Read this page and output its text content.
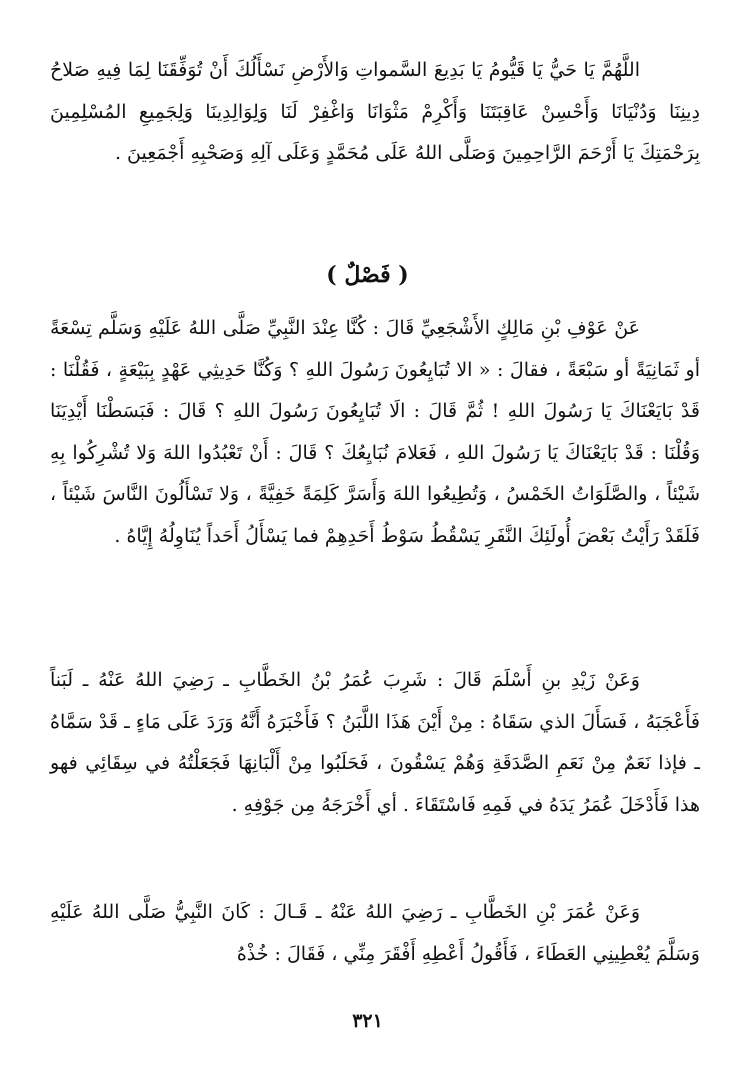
اللَّهُمَّ يَا حَيُّ يَا قَيُّومُ يَا بَدِيعَ السَّمواتِ وَالأَرْضِ نَسْأَلُكَ أَنْ تُوَفِّقَنَا لِمَا فِيهِ صَلاحُ دِينِنَا وَدُنْيَانَا وَأَحْسِنْ عَاقِبَتَنَا وَأَكْرِمْ مَثْوَانَا وَاغْفِرْ لَنَا وَلِوَالِدِينَا وَلِجَمِيعِ المُسْلِمِينَ بِرَحْمَتِكَ يَا أَرْحَمَ الرَّاحِمِينَ وَصَلَّى اللهُ عَلَى مُحَمَّدٍ وَعَلَى آلِهِ وَصَحْبِهِ أَجْمَعِينَ .

( فَصْلٌ )

عَنْ عَوْفِ بْنِ مَالِكٍ الأَشْجَعِيِّ قَالَ : كُنَّا عِنْدَ النَّبِيِّ صَلَّى اللهُ عَلَيْهِ وَسَلَّم تِسْعَةً أو ثَمَانِيَةً أو سَبْعَةً ، فقالَ : « الا تُبَايِعُونَ رَسُولَ اللهِ ؟ وَكُنَّا حَدِيثِي عَهْدٍ بِبَيْعَةٍ ، فَقُلْنَا : قَدْ بَايَعْنَاكَ يَا رَسُولَ اللهِ ! ثُمَّ قَالَ : الَا تُبَايِعُونَ رَسُولَ اللهِ ؟ قَالَ : فَبَسَطْنَا أَيْدِيَنَا وَقُلْنَا : قَدْ بَايَعْنَاكَ يَا رَسُولَ اللهِ ، فَعَلامَ نُبَايِعُكَ ؟ قَالَ : أَنْ تَعْبُدُوا اللهَ وَلا تُشْرِكُوا بِهِ شَيْئاً ، والصَّلَوَاتُ الخَمْسُ ، وَتُطِيعُوا اللهَ وَأَسَرَّ كَلِمَةً خَفِيَّةً ، وَلا تَسْأَلُونَ النَّاسَ شَيْئاً ، فَلَقَدْ رَأَيْتُ بَعْضَ أُولَئِكَ النَّفَرِ يَسْقُطُ سَوْطُ أَحَدِهِمْ فما يَسْأَلُ أَحَداً يُنَاوِلُهُ إِيَّاهُ .

وَعَنْ زَيْدِ بنِ أَسْلَمَ قَالَ : شَرِبَ عُمَرُ بْنُ الخَطَّابِ ـ رَضِيَ اللهُ عَنْهُ ـ لَبَناً فَأَعْجَبَهُ ، فَسَأَلَ الذي سَقَاهُ : مِنْ أَيْنَ هَذَا اللَّبَنُ ؟ فَأَخْبَرَهُ أَنَّهُ وَرَدَ عَلَى مَاءٍ ـ قَدْ سَمَّاهُ ـ فإذا نَعَمٌ مِنْ نَعَمِ الصَّدَقَةِ وَهُمْ يَسْقُونَ ، فَحَلَبُوا مِنْ أَلْبَانِهَا فَجَعَلْتُهُ في سِقَائِي فهو هذا فَأَدْخَلَ عُمَرُ يَدَهُ في فَمِهِ فَاسْتَقَاءَ . أي أَخْرَجَهُ مِن جَوْفِهِ .

وَعَنْ عُمَرَ بْنِ الخَطَّابِ ـ رَضِيَ اللهُ عَنْهُ ـ قَـالَ : كَانَ النَّبِيُّ صَلَّى اللهُ عَلَيْهِ وَسَلَّمَ يُعْطِينِي العَطَاءَ ، فَأَقُولُ أَعْطِهِ أَفْقَرَ مِنِّي ، فَقَالَ : خُذْهُ

٣٢١
